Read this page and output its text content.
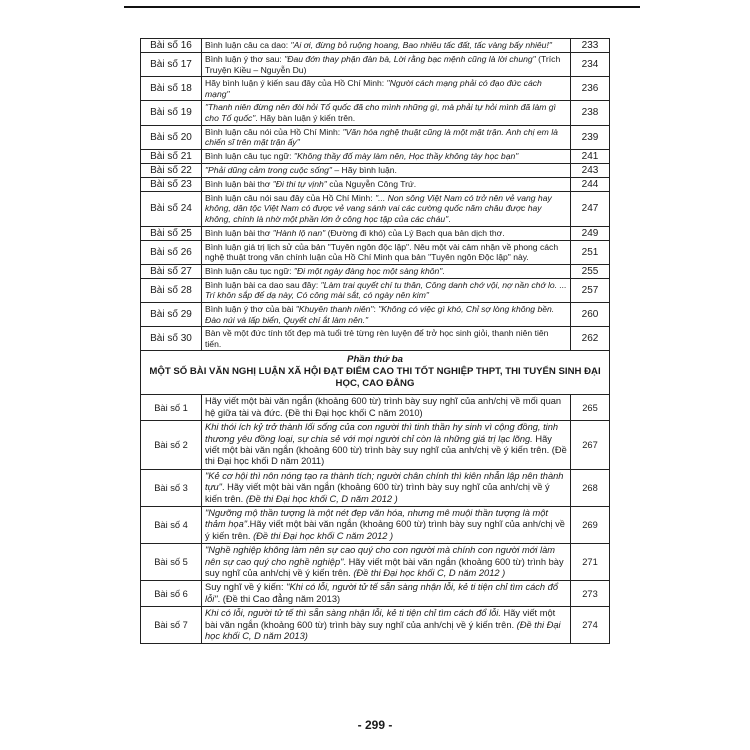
Bài số 16	Bình luận câu ca dao: "Ai ơi, đừng bỏ ruộng hoang, Bao nhiêu tấc đất, tấc vàng bấy nhiêu!"	233
Bài số 17	Bình luận ý thơ sau: "Đau đớn thay phận đàn bà, Lời rằng bạc mệnh cũng là lời chung" (Trích Truyện Kiều – Nguyễn Du)	234
Bài số 18	Hãy bình luận ý kiến sau đây của Hồ Chí Minh: "Người cách mạng phải có đạo đức cách mạng"	236
Bài số 19	"Thanh niên đừng nên đòi hỏi Tổ quốc đã cho mình những gì, mà phải tự hỏi mình đã làm gì cho Tổ quốc". Hãy bàn luận ý kiến trên.	238
Bài số 20	Bình luận câu nói của Hồ Chí Minh: "Văn hóa nghệ thuật cũng là một mặt trận. Anh chị em là chiến sĩ trên mặt trận ấy"	239
Bài số 21	Bình luận câu tục ngữ: "Không thầy đố mày làm nên, Học thầy không tày học bạn"	241
Bài số 22	"Phải dũng cảm trong cuộc sống" – Hãy bình luận.	243
Bài số 23	Bình luận bài thơ "Đi thi tự vịnh" của Nguyễn Công Trứ.	244
Bài số 24	Bình luận câu nói sau đây của Hồ Chí Minh: "... Non sông Việt Nam có trở nên vẻ vang hay không, dân tộc Việt Nam có được vẻ vang sánh vai các cường quốc năm châu được hay không, chính là nhờ một phần lớn ở công học tập của các cháu".	247
Bài số 25	Bình luận bài thơ "Hành lộ nan" (Đường đi khó) của Lý Bạch qua bản dịch thơ.	249
Bài số 26	Bình luận giá trị lịch sử của bản "Tuyên ngôn độc lập". Nêu một vài cảm nhận về phong cách nghệ thuật trong văn chính luận của Hồ Chí Minh qua bản "Tuyên ngôn Độc lập" này.	251
Bài số 27	Bình luận câu tục ngữ: "Đi một ngày đàng học một sàng khôn".	255
Bài số 28	Bình luận bài ca dao sau đây: "Làm trai quyết chí tu thân, Công danh chớ vội, nợ nần chớ lo. ... Trí khôn sắp để dạ này, Có công mài sắt, có ngày nên kim"	257
Bài số 29	Bình luận ý thơ của bài "Khuyên thanh niên": "Không có việc gì khó, Chỉ sợ lòng không bền. Đào núi và lấp biển, Quyết chí ắt làm nên."	260
Bài số 30	Bàn về một đức tính tốt đẹp mà tuổi trẻ từng rèn luyện để trở học sinh giỏi, thanh niên tiên tiến.	262

Phần thứ ba
MỘT SỐ BÀI VĂN NGHỊ LUẬN XÃ HỘI ĐẠT ĐIỂM CAO THI TỐT NGHIỆP THPT, THI TUYỂN SINH ĐẠI HỌC, CAO ĐẲNG		

Bài số 1	Hãy viết một bài văn ngắn (khoảng 600 từ) trình bày suy nghĩ của anh/chị về mối quan hệ giữa tài và đức. (Đề thi Đại học khối C năm 2010)	265
Bài số 2	Khi thói ích kỷ trở thành lối sống của con người thì tinh thần hy sinh vì cộng đồng, tinh thương yêu đồng loại, sự chia sẻ với mọi người chỉ còn là những giá trị lạc lõng. Hãy viết một bài văn ngắn (khoảng 600 từ) trình bày suy nghĩ của anh/chị về ý kiến trên. (Đề thi Đại học khối D năm 2011)	267
Bài số 3	"Kẻ cơ hội thì nôn nóng tạo ra thành tích; người chân chính thì kiên nhẫn lập nên thành tựu". Hãy viết một bài văn ngắn (khoảng 600 từ) trình bày suy nghĩ của anh/chị về ý kiến trên. (Đề thi Đại học khối C, D năm 2012 )	268
Bài số 4	"Ngưỡng mộ thần tượng là một nét đẹp văn hóa, nhưng mê muội thần tượng là một thảm họa".Hãy viết một bài văn ngắn (khoảng 600 từ) trình bày suy nghĩ của anh/chị về ý kiến trên. (Đề thi Đại học khối C năm 2012 )	269
Bài số 5	"Nghề nghiệp không làm nên sự cao quý cho con người mà chính con người mới làm nên sự cao quý cho nghề nghiệp". Hãy viết một bài văn ngắn (khoảng 600 từ) trình bày suy nghĩ của anh/chị về ý kiến trên. (Đề thi Đại học khối C, D năm 2012 )	271
Bài số 6	Suy nghĩ về ý kiến: "Khi có lỗi, người tử tế sẵn sàng nhận lỗi, kẻ ti tiện chỉ tìm cách đổ lỗi". (Đề thi Cao đẳng năm 2013)	273
Bài số 7	Khi có lỗi, người tử tế thì sẵn sàng nhận lỗi, kẻ ti tiện chỉ tìm cách đổ lỗi. Hãy viết một bài văn ngắn (khoảng 600 từ) trình bày suy nghĩ của anh/chị về ý kiến trên. (Đề thi Đại học khối C, D năm 2013)	274
- 299 -
